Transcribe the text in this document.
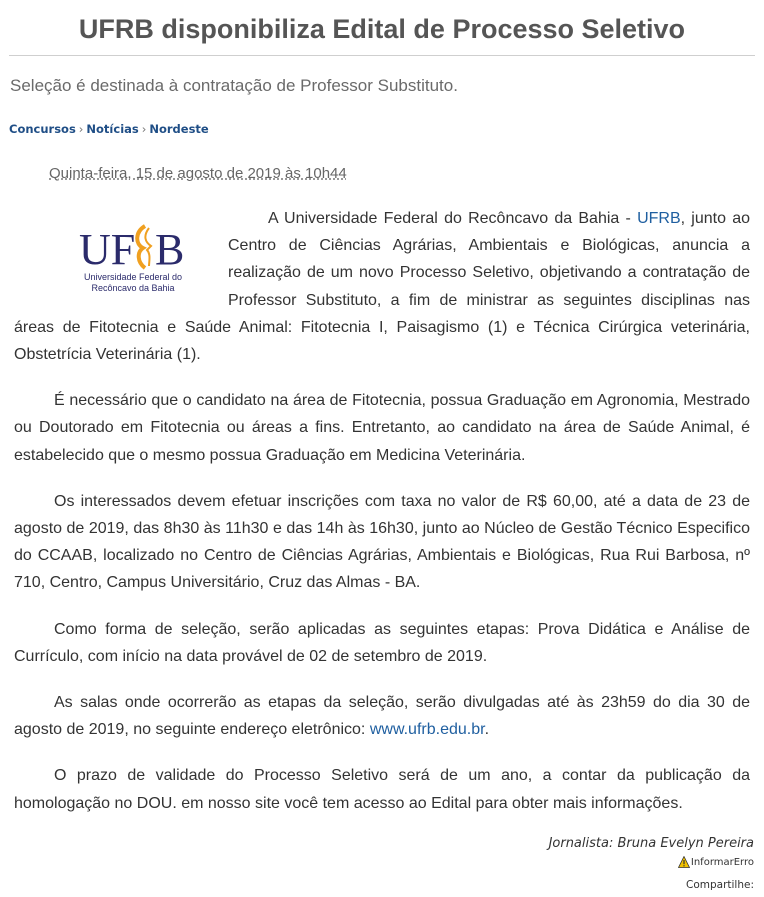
UFRB disponibiliza Edital de Processo Seletivo

Seleção é destinada à contratação de Professor Substituto.

Concursos › Notícias › Nordeste
Quinta-feira, 15 de agosto de 2019 às 10h44
UF B
Universidade Federal do
Recôncavo da Bahia

A Universidade Federal do Recôncavo da Bahia - UFRB, junto ao Centro de Ciências Agrárias, Ambientais e Biológicas, anuncia a realização de um novo Processo Seletivo, objetivando a contratação de Professor Substituto, a fim de ministrar as seguintes disciplinas nas áreas de Fitotecnia e Saúde Animal: Fitotecnia I, Paisagismo (1) e Técnica Cirúrgica veterinária, Obstetrícia Veterinária (1).

É necessário que o candidato na área de Fitotecnia, possua Graduação em Agronomia, Mestrado ou Doutorado em Fitotecnia ou áreas a fins. Entretanto, ao candidato na área de Saúde Animal, é estabelecido que o mesmo possua Graduação em Medicina Veterinária.

Os interessados devem efetuar inscrições com taxa no valor de R$ 60,00, até a data de 23 de agosto de 2019, das 8h30 às 11h30 e das 14h às 16h30, junto ao Núcleo de Gestão Técnico Especifico do CCAAB, localizado no Centro de Ciências Agrárias, Ambientais e Biológicas, Rua Rui Barbosa, nº 710, Centro, Campus Universitário, Cruz das Almas - BA.

Como forma de seleção, serão aplicadas as seguintes etapas: Prova Didática e Análise de Currículo, com início na data provável de 02 de setembro de 2019.

As salas onde ocorrerão as etapas da seleção, serão divulgadas até às 23h59 do dia 30 de agosto de 2019, no seguinte endereço eletrônico: www.ufrb.edu.br.

O prazo de validade do Processo Seletivo será de um ano, a contar da publicação da homologação no DOU. em nosso site você tem acesso ao Edital para obter mais informações.

Jornalista: Bruna Evelyn Pereira
InformarErro
Compartilhe:
